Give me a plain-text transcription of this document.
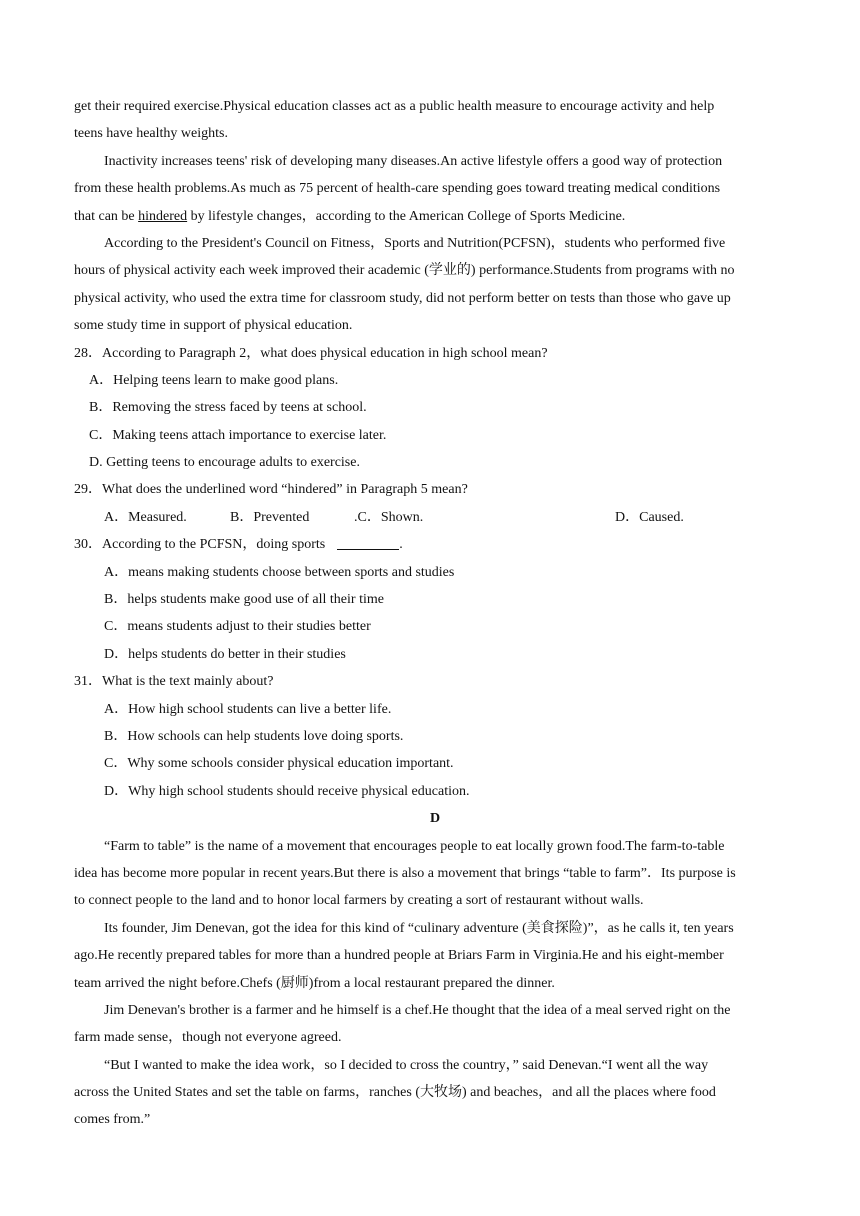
get their required exercise.Physical education classes act as a public health measure to encourage activity and help
teens have healthy weights.
Inactivity increases teens' risk of developing many diseases.An active lifestyle offers a good way of protection
from these health problems.As much as 75 percent of health-care spending goes toward treating medical conditions
that can be hindered by lifestyle changes，according to the American College of Sports Medicine.
According to the President's Council on Fitness，Sports and Nutrition(PCFSN)，students who performed five
hours of physical activity each week improved their academic (学业的) performance.Students from programs with no
physical activity, who used the extra time for classroom study, did not perform better on tests than those who gave up
some study time in support of physical education.
28．According to Paragraph 2，what does physical education in high school mean?
A．Helping teens learn to make good plans.
B．Removing the stress faced by teens at school.
C．Making teens attach importance to exercise later.
D. Getting teens to encourage adults to exercise.
29．What does the underlined word “hindered” in Paragraph 5 mean?
A．Measured.	B．Prevented	.C．Shown.	D．Caused.
30．According to the PCFSN，doing sports	.
A．means making students choose between sports and studies
B．helps students make good use of all their time
C．means students adjust to their studies better
D．helps students do better in their studies
31．What is the text mainly about?
A．How high school students can live a better life.
B．How schools can help students love doing sports.
C．Why some schools consider physical education important.
D．Why high school students should receive physical education.
D
“Farm to table” is the name of a movement that encourages people to eat locally grown food.The farm-to-table
idea has become more popular in recent years.But there is also a movement that brings “table to farm”．Its purpose is
to connect people to the land and to honor local farmers by creating a sort of restaurant without walls.
Its founder, Jim Denevan, got the idea for this kind of “culinary adventure (美食探险)”，as he calls it, ten years
ago.He recently prepared tables for more than a hundred people at Briars Farm in Virginia.He and his eight-member
team arrived the night before.Chefs (厨师)from a local restaurant prepared the dinner.
Jim Denevan's brother is a farmer and he himself is a chef.He thought that the idea of a meal served right on the
farm made sense，though not everyone agreed.
“But I wanted to make the idea work，so I decided to cross the country，” said Denevan.“I went all the way
across the United States and set the table on farms，ranches (大牧场) and beaches，and all the places where food
comes from.”
